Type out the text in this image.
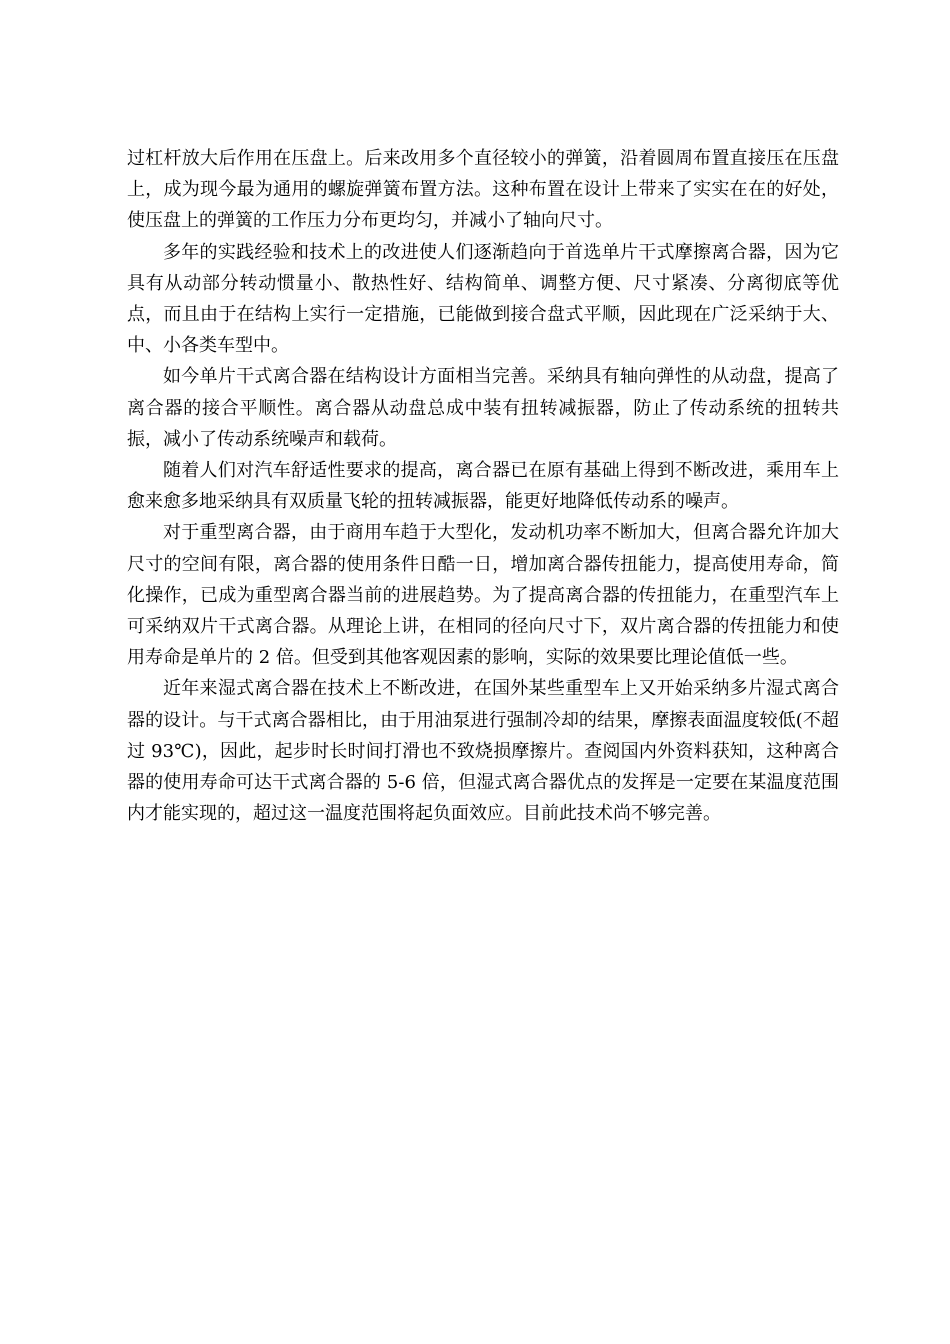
过杠杆放大后作用在压盘上。后来改用多个直径较小的弹簧，沿着圆周布置直接压在压盘上，成为现今最为通用的螺旋弹簧布置方法。这种布置在设计上带来了实实在在的好处，使压盘上的弹簧的工作压力分布更均匀，并减小了轴向尺寸。

多年的实践经验和技术上的改进使人们逐渐趋向于首选单片干式摩擦离合器，因为它具有从动部分转动惯量小、散热性好、结构简单、调整方便、尺寸紧凑、分离彻底等优点，而且由于在结构上实行一定措施，已能做到接合盘式平顺，因此现在广泛采纳于大、中、小各类车型中。

如今单片干式离合器在结构设计方面相当完善。采纳具有轴向弹性的从动盘，提高了离合器的接合平顺性。离合器从动盘总成中装有扭转减振器，防止了传动系统的扭转共振，减小了传动系统噪声和载荷。

随着人们对汽车舒适性要求的提高，离合器已在原有基础上得到不断改进，乘用车上愈来愈多地采纳具有双质量飞轮的扭转减振器，能更好地降低传动系的噪声。

对于重型离合器，由于商用车趋于大型化，发动机功率不断加大，但离合器允许加大尺寸的空间有限，离合器的使用条件日酷一日，增加离合器传扭能力，提高使用寿命，简化操作，已成为重型离合器当前的进展趋势。为了提高离合器的传扭能力，在重型汽车上可采纳双片干式离合器。从理论上讲，在相同的径向尺寸下，双片离合器的传扭能力和使用寿命是单片的 2 倍。但受到其他客观因素的影响，实际的效果要比理论值低一些。

近年来湿式离合器在技术上不断改进，在国外某些重型车上又开始采纳多片湿式离合器的设计。与干式离合器相比，由于用油泵进行强制冷却的结果，摩擦表面温度较低(不超过 93℃)，因此，起步时长时间打滑也不致烧损摩擦片。查阅国内外资料获知，这种离合器的使用寿命可达干式离合器的 5-6 倍，但湿式离合器优点的发挥是一定要在某温度范围内才能实现的，超过这一温度范围将起负面效应。目前此技术尚不够完善。
